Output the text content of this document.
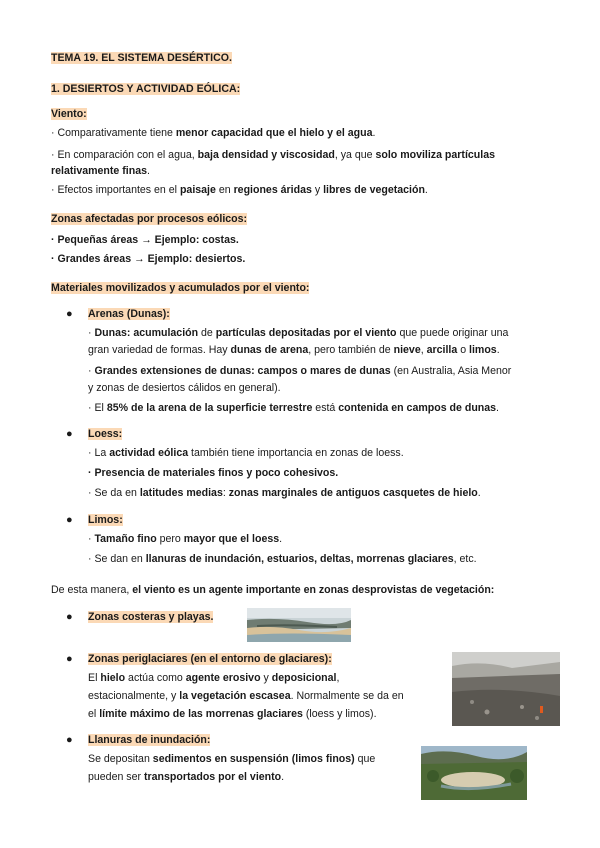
TEMA 19. EL SISTEMA DESÉRTICO.
1. DESIERTOS Y ACTIVIDAD EÓLICA:
Viento:
· Comparativamente tiene menor capacidad que el hielo y el agua.
· En comparación con el agua, baja densidad y viscosidad, ya que solo moviliza partículas
relativamente finas.
· Efectos importantes en el paisaje en regiones áridas y libres de vegetación.
Zonas afectadas por procesos eólicos:
· Pequeñas áreas → Ejemplo: costas.
· Grandes áreas → Ejemplo: desiertos.
Materiales movilizados y acumulados por el viento:
● Arenas (Dunas):
· Dunas: acumulación de partículas depositadas por el viento que puede originar una
gran variedad de formas. Hay dunas de arena, pero también de nieve, arcilla o limos.
· Grandes extensiones de dunas: campos o mares de dunas (en Australia, Asia Menor
y zonas de desiertos cálidos en general).
· El 85% de la arena de la superficie terrestre está contenida en campos de dunas.
● Loess:
· La actividad eólica también tiene importancia en zonas de loess.
· Presencia de materiales finos y poco cohesivos.
· Se da en latitudes medias: zonas marginales de antiguos casquetes de hielo.
● Limos:
· Tamaño fino pero mayor que el loess.
· Se dan en llanuras de inundación, estuarios, deltas, morrenas glaciares, etc.
De esta manera, el viento es un agente importante en zonas desprovistas de vegetación:
● Zonas costeras y playas.
● Zonas periglaciares (en el entorno de glaciares):
El hielo actúa como agente erosivo y deposicional,
estacionalmente, y la vegetación escasea. Normalmente se da en
el límite máximo de las morrenas glaciares (loess y limos).
● Llanuras de inundación:
Se depositan sedimentos en suspensión (limos finos) que
pueden ser transportados por el viento.
